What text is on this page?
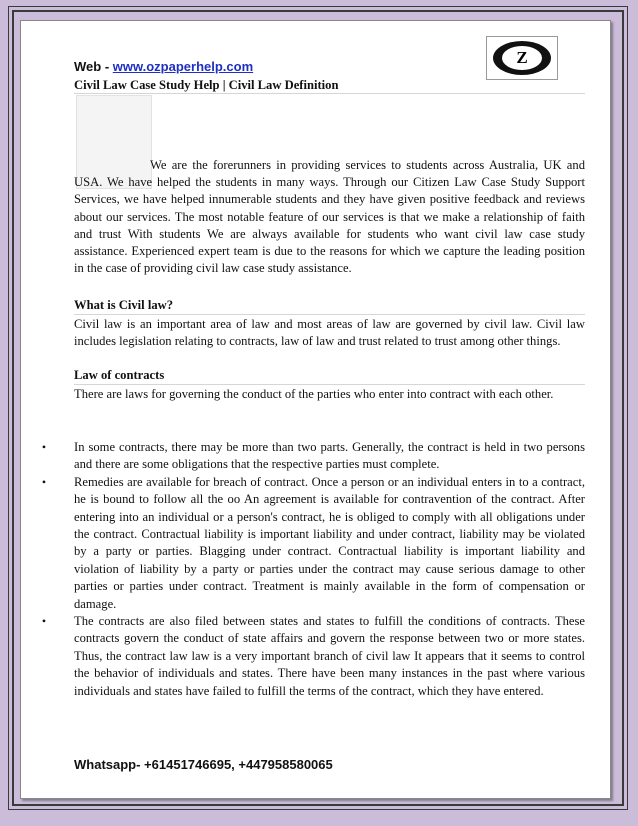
Web - www.ozpaperhelp.com	Z
Civil Law Case Study Help | Civil Law Definition
We are the forerunners in providing services to students across Australia, UK and USA. We have helped the students in many ways. Through our Citizen Law Case Study Support Services, we have helped innumerable students and they have given positive feedback and reviews about our services. The most notable feature of our services is that we make a relationship of faith and trust With students We are always available for students who want civil law case study assistance. Experienced expert team is due to the reasons for which we capture the leading position in the case of providing civil law case study assistance.
What is Civil law?
Civil law is an important area of law and most areas of law are governed by civil law. Civil law includes legislation relating to contracts, law of law and trust related to trust among other things.
Law of contracts
There are laws for governing the conduct of the parties who enter into contract with each other.
• In some contracts, there may be more than two parts. Generally, the contract is held in two persons and there are some obligations that the respective parties must complete.
• Remedies are available for breach of contract. Once a person or an individual enters in to a contract, he is bound to follow all the oo An agreement is available for contravention of the contract. After entering into an individual or a person's contract, he is obliged to comply with all obligations under the contract. Contractual liability is important liability and under contract, liability may be violated by a party or parties. Blagging under contract. Contractual liability is important liability and violation of liability by a party or parties under the contract may cause serious damage to other parties or parties under contract. Treatment is mainly available in the form of compensation or damage.
• The contracts are also filed between states and states to fulfill the conditions of contracts. These contracts govern the conduct of state affairs and govern the response between two or more states. Thus, the contract law law is a very important branch of civil law It appears that it seems to control the behavior of individuals and states. There have been many instances in the past where various individuals and states have failed to fulfill the terms of the contract, which they have entered.
Whatsapp- +61451746695, +447958580065
